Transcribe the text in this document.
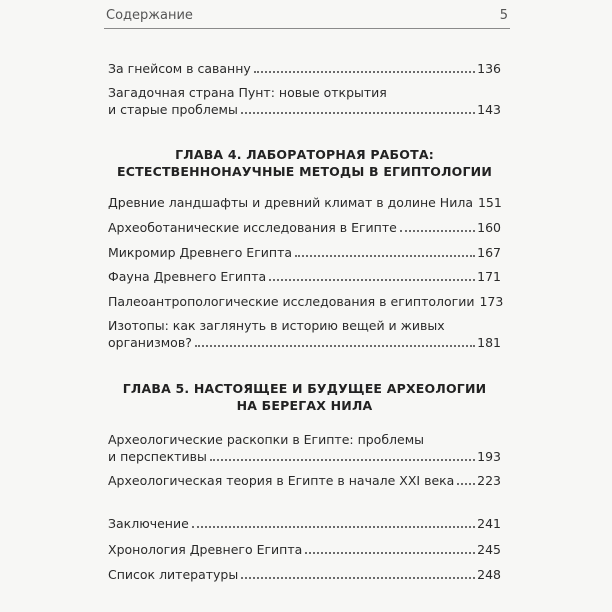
Содержание	5
За гнейсом в саванну	136
Загадочная страна Пунт: новые открытия
и старые проблемы	143
ГЛАВА 4. ЛАБОРАТОРНАЯ РАБОТА:
ЕСТЕСТВЕННОНАУЧНЫЕ МЕТОДЫ В ЕГИПТОЛОГИИ
Древние ландшафты и древний климат в долине Нила 151
Археоботанические исследования в Египте	160
Микромир Древнего Египта	167
Фауна Древнего Египта	171
Палеоантропологические исследования в египтологии 173
Изотопы: как заглянуть в историю вещей и живых
организмов?	181
ГЛАВА 5. НАСТОЯЩЕЕ И БУДУЩЕЕ АРХЕОЛОГИИ
НА БЕРЕГАХ НИЛА
Археологические раскопки в Египте: проблемы
и перспективы	193
Археологическая теория в Египте в начале XXI века 223
Заключение	241
Хронология Древнего Египта	245
Список литературы	248
